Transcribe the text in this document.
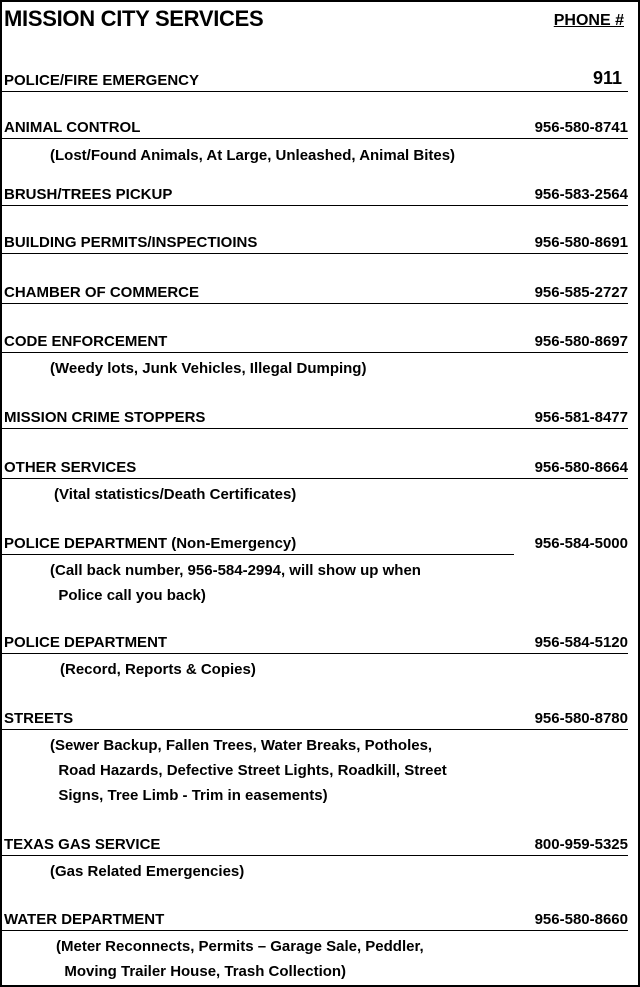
MISSION CITY SERVICES	PHONE #
POLICE/FIRE EMERGENCY	911
ANIMAL CONTROL	956-580-8741
(Lost/Found Animals, At Large, Unleashed, Animal Bites)
BRUSH/TREES PICKUP	956-583-2564
BUILDING PERMITS/INSPECTIOINS	956-580-8691
CHAMBER OF COMMERCE	956-585-2727
CODE ENFORCEMENT	956-580-8697
(Weedy lots, Junk Vehicles, Illegal Dumping)
MISSION CRIME STOPPERS	956-581-8477
OTHER SERVICES	956-580-8664
(Vital statistics/Death Certificates)
POLICE DEPARTMENT (Non-Emergency)	956-584-5000
(Call back number, 956-584-2994, will show up when
Police call you back)
POLICE DEPARTMENT	956-584-5120
(Record, Reports & Copies)
STREETS	956-580-8780
(Sewer Backup, Fallen Trees, Water Breaks, Potholes,
Road Hazards, Defective Street Lights, Roadkill, Street
Signs, Tree Limb - Trim in easements)
TEXAS GAS SERVICE	800-959-5325
(Gas Related Emergencies)
WATER DEPARTMENT	956-580-8660
(Meter Reconnects, Permits – Garage Sale, Peddler,
Moving Trailer House, Trash Collection)
